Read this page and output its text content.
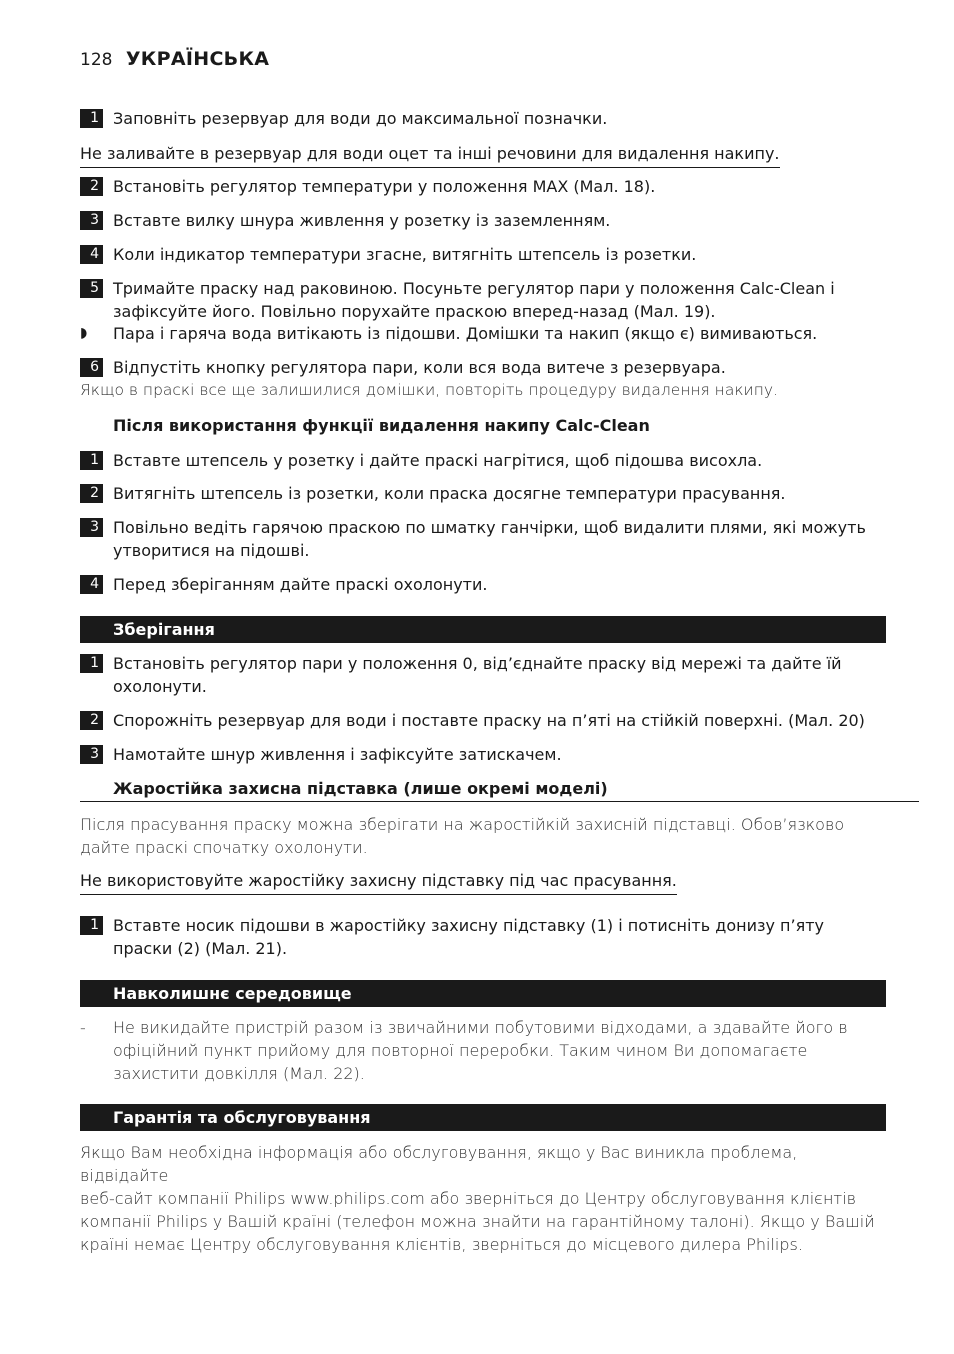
128 УКРАЇНСЬКА
1 Заповніть резервуар для води до максимальної позначки.
Не заливайте в резервуар для води оцет та інші речовини для видалення накипу.
2 Встановіть регулятор температури у положення MAX (Мал. 18).
3 Вставте вилку шнура живлення у розетку із заземленням.
4 Коли індикатор температури згасне, витягніть штепсель із розетки.
5 Тримайте праску над раковиною. Посуньте регулятор пари у положення Calc-Clean і
зафіксуйте його. Повільно поруxайте праскою вперед-назад (Мал. 19).
◗ Пара і гаряча вода витікають із підошви. Домішки та накип (якщо є) вимиваються.
6 Відпустіть кнопку регулятора пари, коли вся вода витече з резервуара.
Якщо в праскі все ще залишилися домішки, повторіть процедуру видалення накипу.
Після використання функції видалення накипу Calc-Clean
1 Вставте штепсель у розетку і дайте праскі нагрітися, щоб підошва висохла.
2 Витягніть штепсель із розетки, коли праска досягне температури прасування.
3 Повільно ведіть гарячою праскою по шматку ганчірки, щоб видалити плями, які можуть
утворитися на підошві.
4 Перед зберіганням дайте праскі охолонути.
Зберігання
1 Встановіть регулятор пари у положення 0, від’єднайте праску від мережі та дайте їй
охолонути.
2 Спорожніть резервуар для води і поставте праску на п’яті на стійкій поверхні. (Мал. 20)
3 Намотайте шнур живлення і зафіксуйте затискачем.
Жаростійка захисна підставка (лише окремі моделі)
Після прасування праску можна зберігати на жаростійкій захисній підставці. Обов’язково
дайте праскі спочатку охолонути.
Не використовуйте жаростійку захисну підставку під час прасування.
1 Вставте носик підошви в жаростійку захисну підставку (1) і потисніть донизу п’яту
праски (2) (Мал. 21).
Навколишнє середовище
- Не викидайте пристрій разом із звичайними побутовими відходами, а здавайте його в
офіційний пункт прийому для повторної переробки. Таким чином Ви допомагаєте
захистити довкілля (Мал. 22).
Гарантія та обслуговування
Якщо Вам необхідна інформація або обслуговування, якщо у Вас виникла проблема, відвідайте
веб-сайт компанії Philips www.philips.com або зверніться до Центру обслуговування клієнтів
компанії Philips у Вашій країні (телефон можна знайти на гарантійному талоні). Якщо у Вашій
країні немає Центру обслуговування клієнтів, зверніться до місцевого дилера Philips.
